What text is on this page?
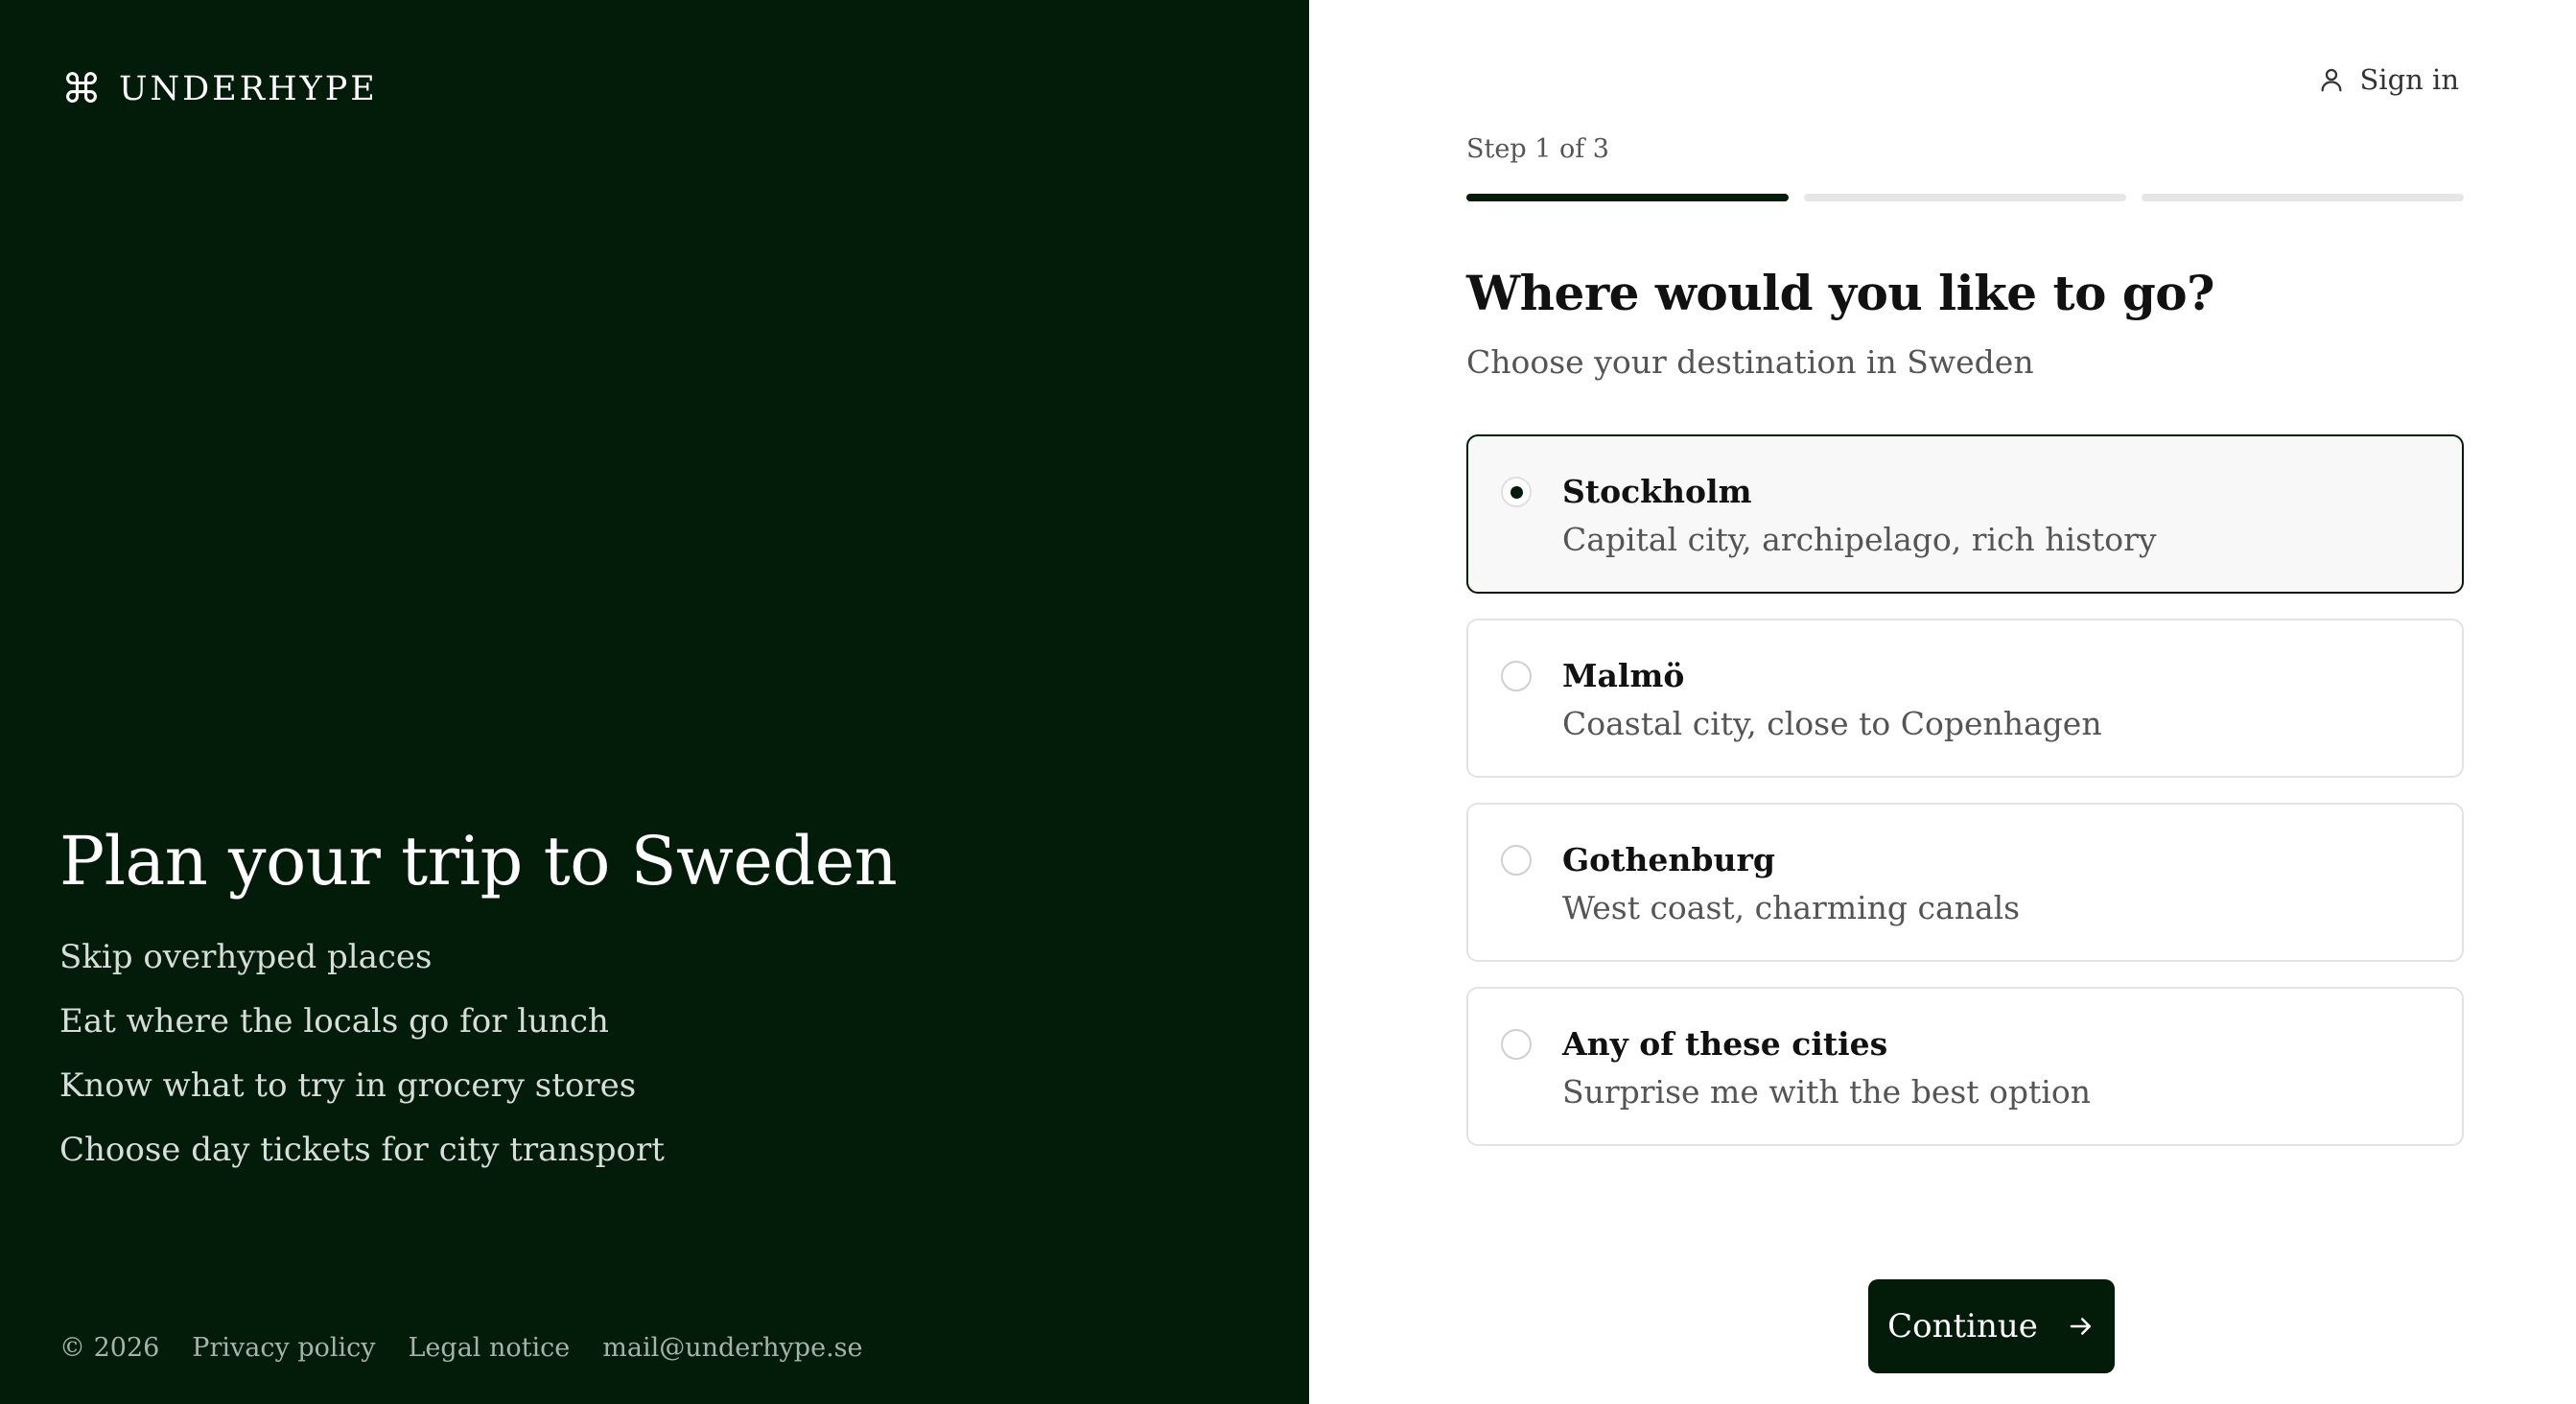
⌘ UNDERHYPE
Plan your trip to Sweden
Skip overhyped places
Eat where the locals go for lunch
Know what to try in grocery stores
Choose day tickets for city transport
© 2026 Privacy policy Legal notice mail@underhype.se
Sign in
Step 1 of 3
Where would you like to go?

Choose your destination in Sweden

Stockholm
Capital city, archipelago, rich history
Malmö
Coastal city, close to Copenhagen
Gothenburg
West coast, charming canals
Any of these cities
Surprise me with the best option
Continue
